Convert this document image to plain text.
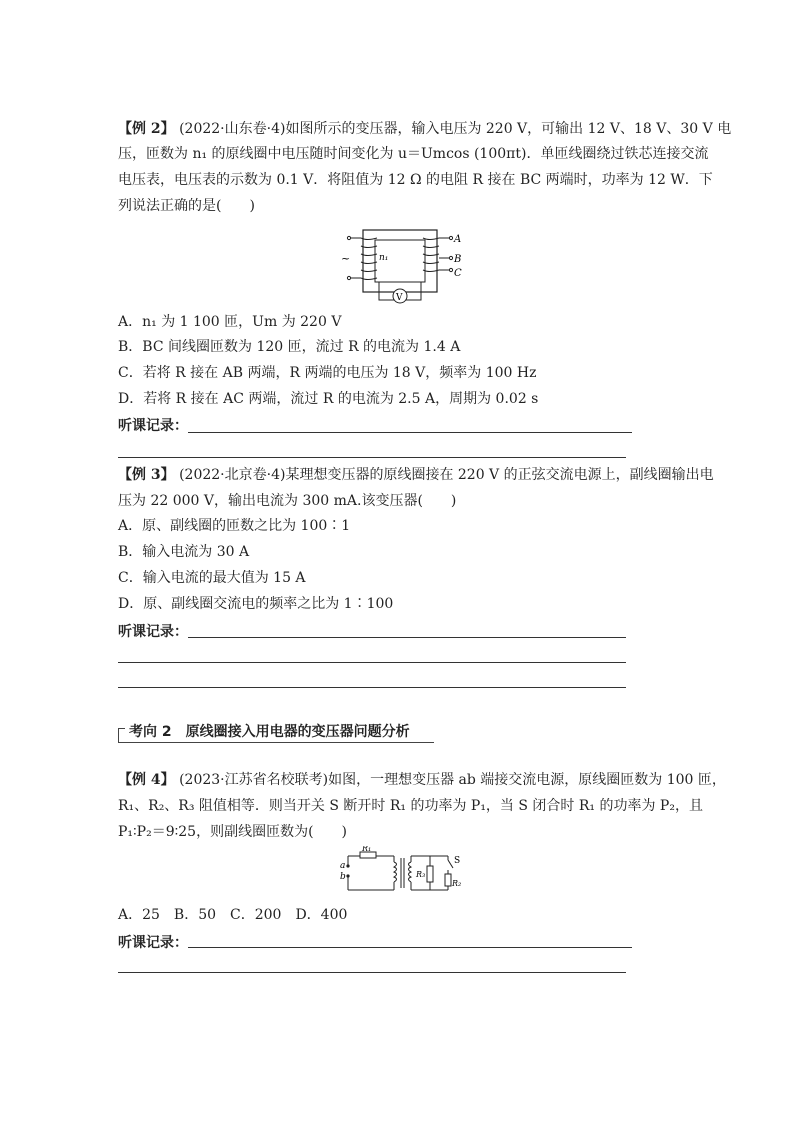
【例 2】 (2022·山东卷·4)如图所示的变压器，输入电压为 220 V，可输出 12 V、18 V、30 V 电
压，匝数为 n₁ 的原线圈中电压随时间变化为 u＝Umcos (100πt)．单匝线圈绕过铁芯连接交流
电压表，电压表的示数为 0.1 V．将阻值为 12 Ω 的电阻 R 接在 BC 两端时，功率为 12 W．下
列说法正确的是(　　)
V
~	n₁
A
B
C
A．n₁ 为 1 100 匝，Um 为 220 V
B．BC 间线圈匝数为 120 匝，流过 R 的电流为 1.4 A
C．若将 R 接在 AB 两端，R 两端的电压为 18 V，频率为 100 Hz
D．若将 R 接在 AC 两端，流过 R 的电流为 2.5 A，周期为 0.02 s
听课记录：
【例 3】 (2022·北京卷·4)某理想变压器的原线圈接在 220 V 的正弦交流电源上，副线圈输出电
压为 22 000 V，输出电流为 300 mA.该变压器(　　)
A．原、副线圈的匝数之比为 100∶1
B．输入电流为 30 A
C．输入电流的最大值为 15 A
D．原、副线圈交流电的频率之比为 1∶100
听课记录：
考向 2　原线圈接入用电器的变压器问题分析
【例 4】 (2023·江苏省名校联考)如图，一理想变压器 ab 端接交流电源，原线圈匝数为 100 匝，
R₁、R₂、R₃ 阻值相等．则当开关 S 断开时 R₁ 的功率为 P₁，当 S 闭合时 R₁ 的功率为 P₂，且
P₁∶P₂＝9∶25，则副线圈匝数为(　　)
a
b
R₁
R₃
S
R₂
A．25　B．50　C．200　D．400
听课记录：
